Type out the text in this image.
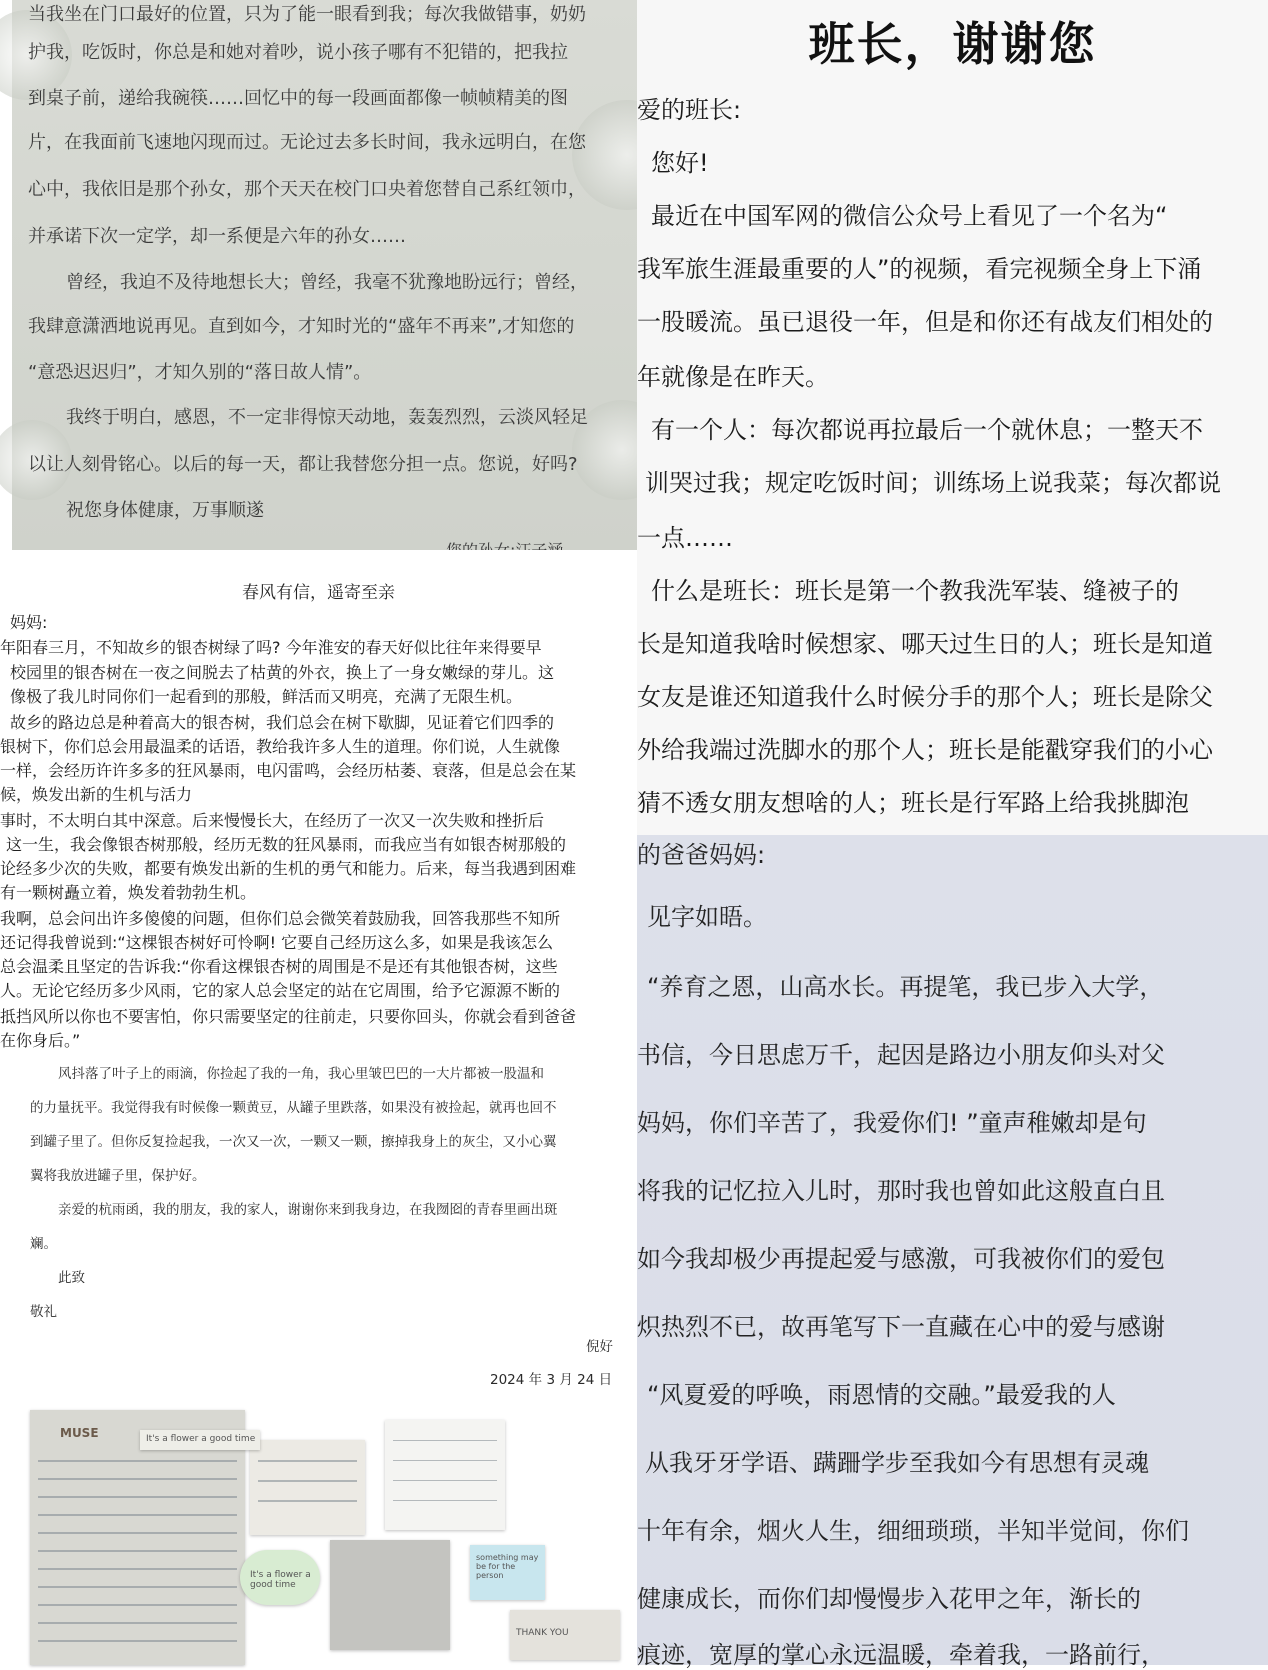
当我坐在门口最好的位置，只为了能一眼看到我；每次我做错事，奶奶
护我，吃饭时，你总是和她对着吵，说小孩子哪有不犯错的，把我拉
到桌子前，递给我碗筷……回忆中的每一段画面都像一帧帧精美的图
片，在我面前飞速地闪现而过。无论过去多长时间，我永远明白，在您
心中，我依旧是那个孙女，那个天天在校门口央着您替自己系红领巾，
并承诺下次一定学，却一系便是六年的孙女……
曾经，我迫不及待地想长大；曾经，我毫不犹豫地盼远行；曾经，
我肆意潇洒地说再见。直到如今，才知时光的“盛年不再来”,才知您的
“意恐迟迟归”，才知久别的“落日故人情”。
我终于明白，感恩，不一定非得惊天动地，轰轰烈烈，云淡风轻足
以让人刻骨铭心。以后的每一天，都让我替您分担一点。您说，好吗?
祝您身体健康，万事顺遂
班长，谢谢您
爱的班长:
您好!
最近在中国军网的微信公众号上看见了一个名为“
我军旅生涯最重要的人”的视频，看完视频全身上下涌
一股暖流。虽已退役一年，但是和你还有战友们相处的
年就像是在昨天。
有一个人：每次都说再拉最后一个就休息；一整天不
训哭过我；规定吃饭时间；训练场上说我菜；每次都说
一点……
什么是班长：班长是第一个教我洗军装、缝被子的
长是知道我啥时候想家、哪天过生日的人；班长是知道
女友是谁还知道我什么时候分手的那个人；班长是除父
外给我端过洗脚水的那个人；班长是能戳穿我们的小心
猜不透女朋友想啥的人；班长是行军路上给我挑脚泡
春风有信，遥寄至亲
妈妈:
年阳春三月，不知故乡的银杏树绿了吗? 今年淮安的春天好似比往年来得要早
校园里的银杏树在一夜之间脱去了枯黄的外衣，换上了一身女嫩绿的芽儿。这
像极了我儿时同你们一起看到的那般，鲜活而又明亮，充满了无限生机。
故乡的路边总是种着高大的银杏树，我们总会在树下歇脚，见证着它们四季的
银树下，你们总会用最温柔的话语，教给我许多人生的道理。你们说，人生就像
一样，会经历许许多多的狂风暴雨，电闪雷鸣，会经历枯萎、衰落，但是总会在某
候，焕发出新的生机与活力
事时，不太明白其中深意。后来慢慢长大，在经历了一次又一次失败和挫折后
这一生，我会像银杏树那般，经历无数的狂风暴雨，而我应当有如银杏树那般的
论经多少次的失败，都要有焕发出新的生机的勇气和能力。后来，每当我遇到困难
有一颗树矗立着，焕发着勃勃生机。
我啊，总会问出许多傻傻的问题，但你们总会微笑着鼓励我，回答我那些不知所
还记得我曾说到:“这棵银杏树好可怜啊! 它要自己经历这么多，如果是我该怎么
总会温柔且坚定的告诉我:“你看这棵银杏树的周围是不是还有其他银杏树，这些
人。无论它经历多少风雨，它的家人总会坚定的站在它周围，给予它源源不断的
抵挡风所以你也不要害怕，你只需要坚定的往前走，只要你回头，你就会看到爸爸
在你身后。”
风抖落了叶子上的雨滴，你捡起了我的一角，我心里皱巴巴的一大片都被一股温和
的力量抚平。我觉得我有时候像一颗黄豆，从罐子里跌落，如果没有被捡起，就再也回不
到罐子里了。但你反复捡起我，一次又一次，一颗又一颗，擦掉我身上的灰尘，又小心翼
翼将我放进罐子里，保护好。
亲爱的杭雨函，我的朋友，我的家人，谢谢你来到我身边，在我囫囵的青春里画出斑
斓。
此致
敬礼
倪好
2024 年 3 月 24 日
的爸爸妈妈:
见字如晤。
“养育之恩，山高水长。再提笔，我已步入大学，
书信，今日思虑万千，起因是路边小朋友仰头对父
妈妈，你们辛苦了，我爱你们! ”童声稚嫩却是句
将我的记忆拉入儿时，那时我也曾如此这般直白且
如今我却极少再提起爱与感激，可我被你们的爱包
炽热烈不已，故再笔写下一直藏在心中的爱与感谢
“风夏爱的呼唤，雨恩情的交融。”最爱我的人
从我牙牙学语、蹒跚学步至我如今有思想有灵魂
十年有余，烟火人生，细细琐琐，半知半觉间，你们
健康成长，而你们却慢慢步入花甲之年，渐长的
痕迹，宽厚的掌心永远温暖，牵着我，一路前行，
MUSE	It's a flower a good time
It's a flower a good time
something may be for the person
THANK YOU
